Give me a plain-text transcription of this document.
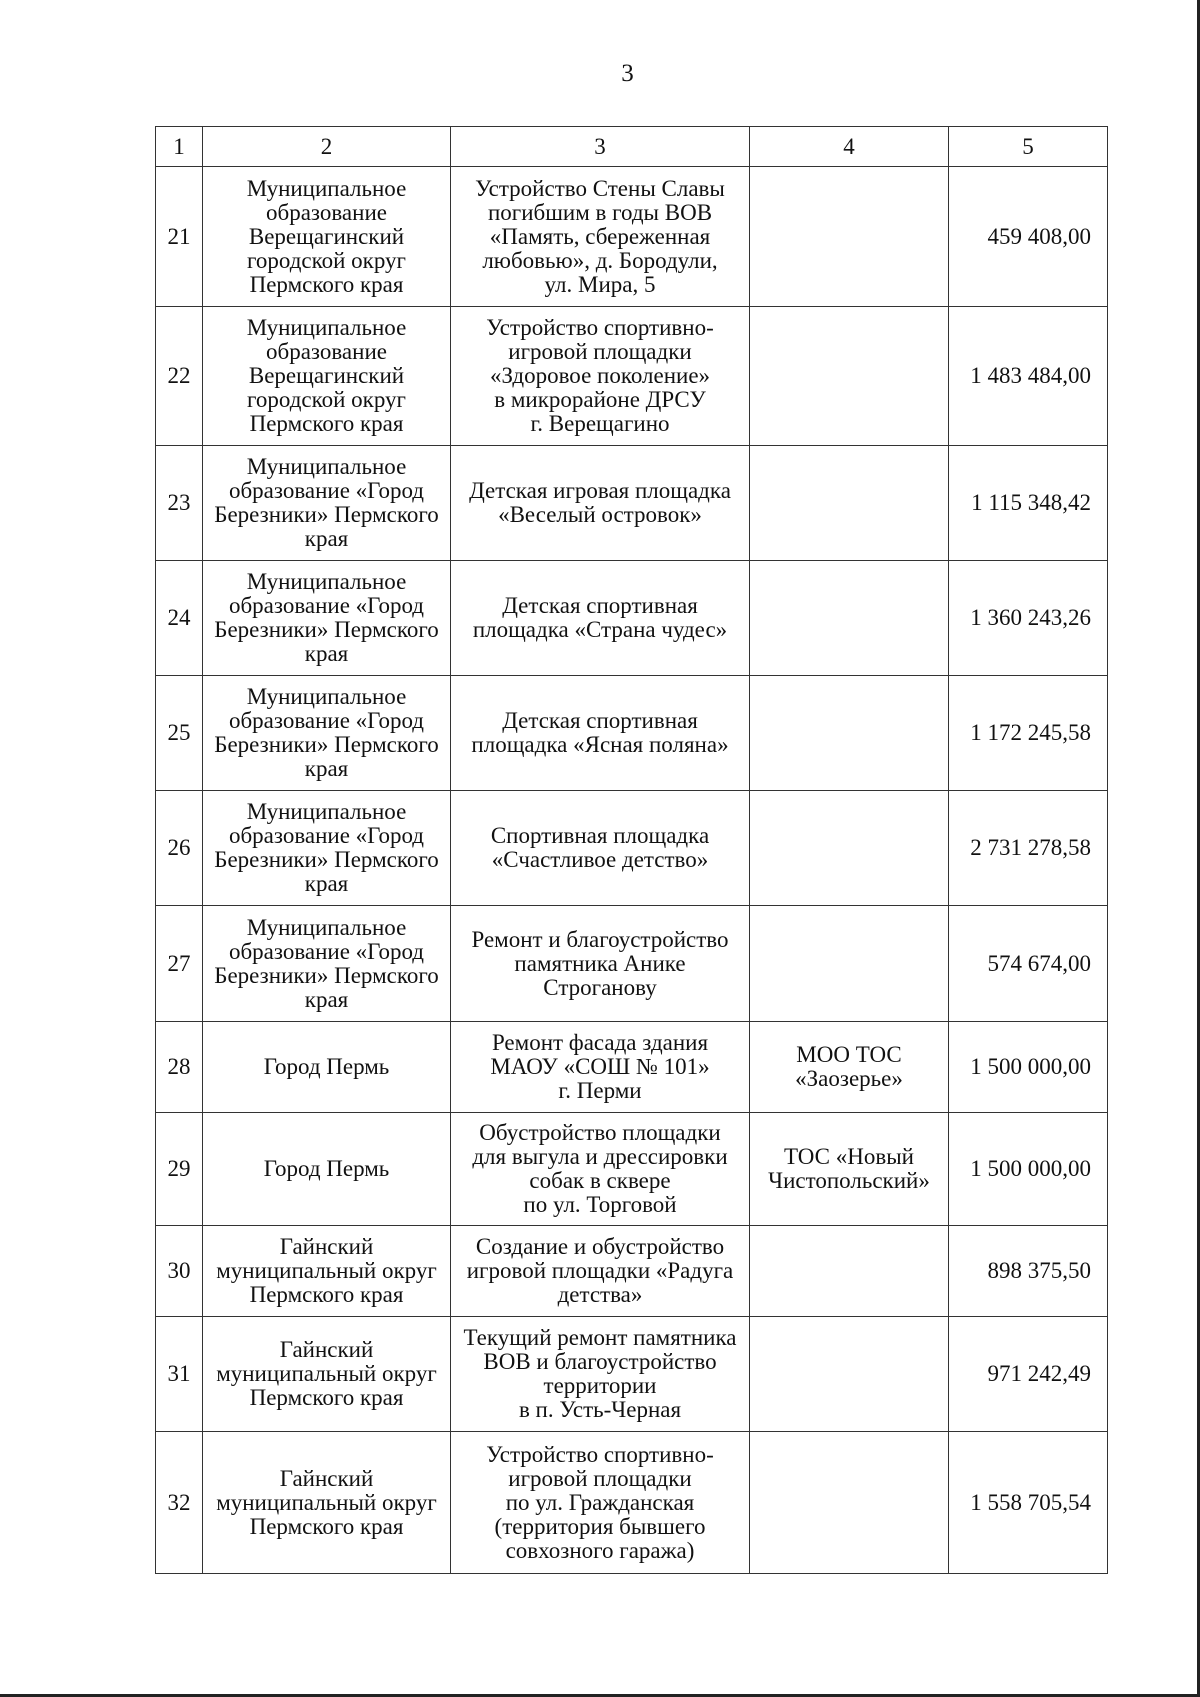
3
1	2	3	4	5
21	Муниципальное
образование
Верещагинский
городской округ
Пермского края	Устройство Стены Славы
погибшим в годы ВОВ
«Память, сбереженная
любовью», д. Бородули,
ул. Мира, 5		459 408,00
22	Муниципальное
образование
Верещагинский
городской округ
Пермского края	Устройство спортивно-
игровой площадки
«Здоровое поколение»
в микрорайоне ДРСУ
г. Верещагино		1 483 484,00
23	Муниципальное
образование «Город
Березники» Пермского
края	Детская игровая площадка
«Веселый островок»		1 115 348,42
24	Муниципальное
образование «Город
Березники» Пермского
края	Детская спортивная
площадка «Страна чудес»		1 360 243,26
25	Муниципальное
образование «Город
Березники» Пермского
края	Детская спортивная
площадка «Ясная поляна»		1 172 245,58
26	Муниципальное
образование «Город
Березники» Пермского
края	Спортивная площадка
«Счастливое детство»		2 731 278,58
27	Муниципальное
образование «Город
Березники» Пермского
края	Ремонт и благоустройство
памятника Анике
Строганову		574 674,00
28	Город Пермь	Ремонт фасада здания
МАОУ «СОШ № 101»
г. Перми	МОО ТОС
«Заозерье»	1 500 000,00
29	Город Пермь	Обустройство площадки
для выгула и дрессировки
собак в сквере
по ул. Торговой	ТОС «Новый
Чистопольский»	1 500 000,00
30	Гайнский
муниципальный округ
Пермского края	Создание и обустройство
игровой площадки «Радуга
детства»		898 375,50
31	Гайнский
муниципальный округ
Пермского края	Текущий ремонт памятника
ВОВ и благоустройство
территории
в п. Усть-Черная		971 242,49
32	Гайнский
муниципальный округ
Пермского края	Устройство спортивно-
игровой площадки
по ул. Гражданская
(территория бывшего
совхозного гаража)		1 558 705,54
